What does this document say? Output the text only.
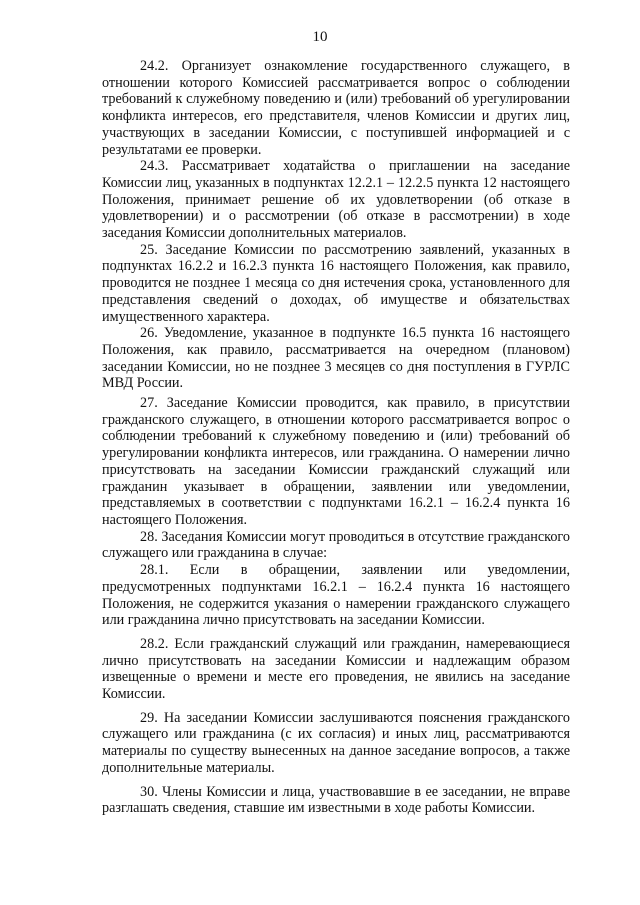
10

24.2. Организует ознакомление государственного служащего, в отношении которого Комиссией рассматривается вопрос о соблюдении требований к служебному поведению и (или) требований об урегулировании конфликта интересов, его представителя, членов Комиссии и других лиц, участвующих в заседании Комиссии, с поступившей информацией и с результатами ее проверки.

24.3. Рассматривает ходатайства о приглашении на заседание Комиссии лиц, указанных в подпунктах 12.2.1 – 12.2.5 пункта 12 настоящего Положения, принимает решение об их удовлетворении (об отказе в удовлетворении) и о рассмотрении (об отказе в рассмотрении) в ходе заседания Комиссии дополнительных материалов.

25. Заседание Комиссии по рассмотрению заявлений, указанных в подпунктах 16.2.2 и 16.2.3 пункта 16 настоящего Положения, как правило, проводится не позднее 1 месяца со дня истечения срока, установленного для представления сведений о доходах, об имуществе и обязательствах имущественного характера.

26. Уведомление, указанное в подпункте 16.5 пункта 16 настоящего Положения, как правило, рассматривается на очередном (плановом) заседании Комиссии, но не позднее 3 месяцев со дня поступления в ГУРЛС МВД России.

27. Заседание Комиссии проводится, как правило, в присутствии гражданского служащего, в отношении которого рассматривается вопрос о соблюдении требований к служебному поведению и (или) требований об урегулировании конфликта интересов, или гражданина. О намерении лично присутствовать на заседании Комиссии гражданский служащий или гражданин указывает в обращении, заявлении или уведомлении, представляемых в соответствии с подпунктами 16.2.1 – 16.2.4 пункта 16 настоящего Положения.

28. Заседания Комиссии могут проводиться в отсутствие гражданского служащего или гражданина в случае:

28.1. Если в обращении, заявлении или уведомлении, предусмотренных подпунктами 16.2.1 – 16.2.4 пункта 16 настоящего Положения, не содержится указания о намерении гражданского служащего или гражданина лично присутствовать на заседании Комиссии.

28.2. Если гражданский служащий или гражданин, намеревающиеся лично присутствовать на заседании Комиссии и надлежащим образом извещенные о времени и месте его проведения, не явились на заседание Комиссии.

29. На заседании Комиссии заслушиваются пояснения гражданского служащего или гражданина (с их согласия) и иных лиц, рассматриваются материалы по существу вынесенных на данное заседание вопросов, а также дополнительные материалы.

30. Члены Комиссии и лица, участвовавшие в ее заседании, не вправе разглашать сведения, ставшие им известными в ходе работы Комиссии.
